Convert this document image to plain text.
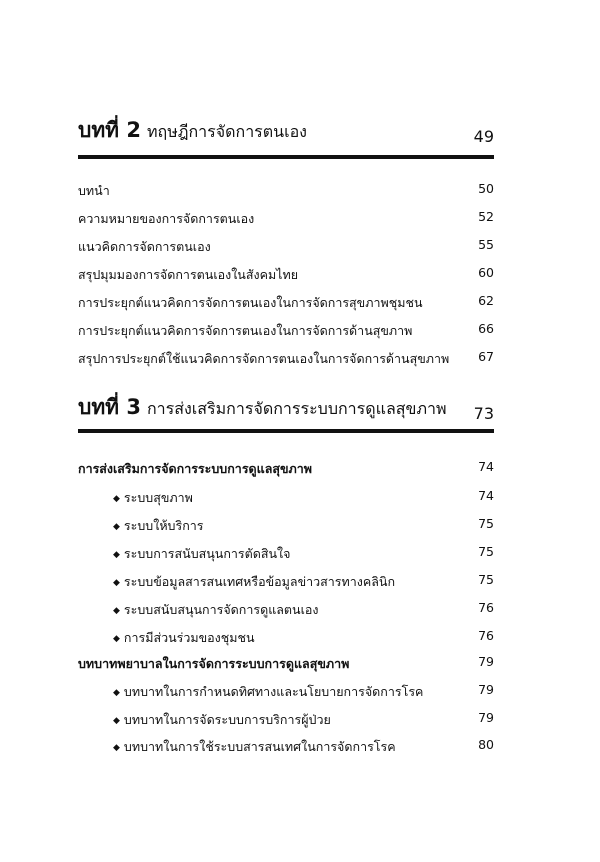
บทที่ 2 ทฤษฎีการจัดการตนเอง	49
บทนำ	50
ความหมายของการจัดการตนเอง	52
แนวคิดการจัดการตนเอง	55
สรุปมุมมองการจัดการตนเองในสังคมไทย	60
การประยุกต์แนวคิดการจัดการตนเองในการจัดการสุขภาพชุมชน	62
การประยุกต์แนวคิดการจัดการตนเองในการจัดการด้านสุขภาพ	66
สรุปการประยุกต์ใช้แนวคิดการจัดการตนเองในการจัดการด้านสุขภาพ 67
บทที่ 3 การส่งเสริมการจัดการระบบการดูแลสุขภาพ 73
การส่งเสริมการจัดการระบบการดูแลสุขภาพ	74
◆ ระบบสุขภาพ	74
◆ ระบบให้บริการ	75
◆ ระบบการสนับสนุนการตัดสินใจ	75
◆ ระบบข้อมูลสารสนเทศหรือข้อมูลข่าวสารทางคลินิก	75
◆ ระบบสนับสนุนการจัดการดูแลตนเอง	76
◆ การมีส่วนร่วมของชุมชน	76
บทบาทพยาบาลในการจัดการระบบการดูแลสุขภาพ	79
◆ บทบาทในการกำหนดทิศทางและนโยบายการจัดการโรค	79
◆ บทบาทในการจัดระบบการบริการผู้ป่วย	79
◆ บทบาทในการใช้ระบบสารสนเทศในการจัดการโรค	80
